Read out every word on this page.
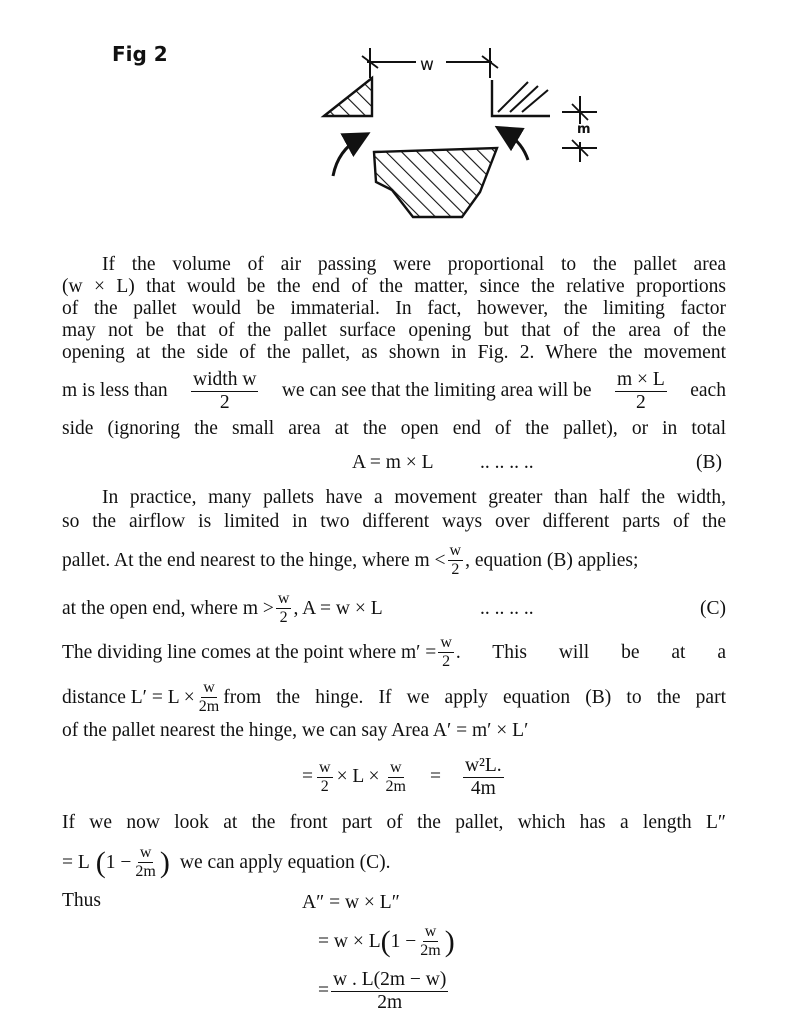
Fig 2	w
m
If the volume of air passing were proportional to the pallet area
(w × L) that would be the end of the matter, since the relative proportions
of the pallet would be immaterial. In fact, however, the limiting factor
may not be that of the pallet surface opening but that of the area of the
opening at the side of the pallet, as shown in Fig. 2. Where the movement
m is less than $\frac{\text{width w}}{2}$ we can see that the limiting area will be $\frac{m \times L}{2}$ each
side (ignoring the small area at the open end of the pallet), or in total
A = m × L .. .. .. ..	(B)
In practice, many pallets have a movement greater than half the width,
so the airflow is limited in two different ways over different parts of the
pallet. At the end nearest to the hinge, where $m < \frac{w}{2}$ , equation (B) applies;
at the open end, where $m > \frac{w}{2}$ , A = w × L	.. .. .. ..	(C)
The dividing line comes at the point where $m' = \frac{w}{2}$ . This will be at a
distance $L' = L \times \frac{w}{2m}$ from the hinge. If we apply equation (B) to the part
of the pallet nearest the hinge, we can say Area A′ = m′ × L′
= $\frac{w}{2} \times L \times \frac{w}{2m} = \frac{\text{w²L.}}{4m}$
If we now look at the front part of the pallet, which has a length L″
= L ( $1 - \frac{w}{2m}$ ) we can apply equation (C).
Thus	A″ = w × L″
= w × L ( $1 - \frac{w}{2m}$ )
= $\frac{w . L(2m - w)}{2m}$
